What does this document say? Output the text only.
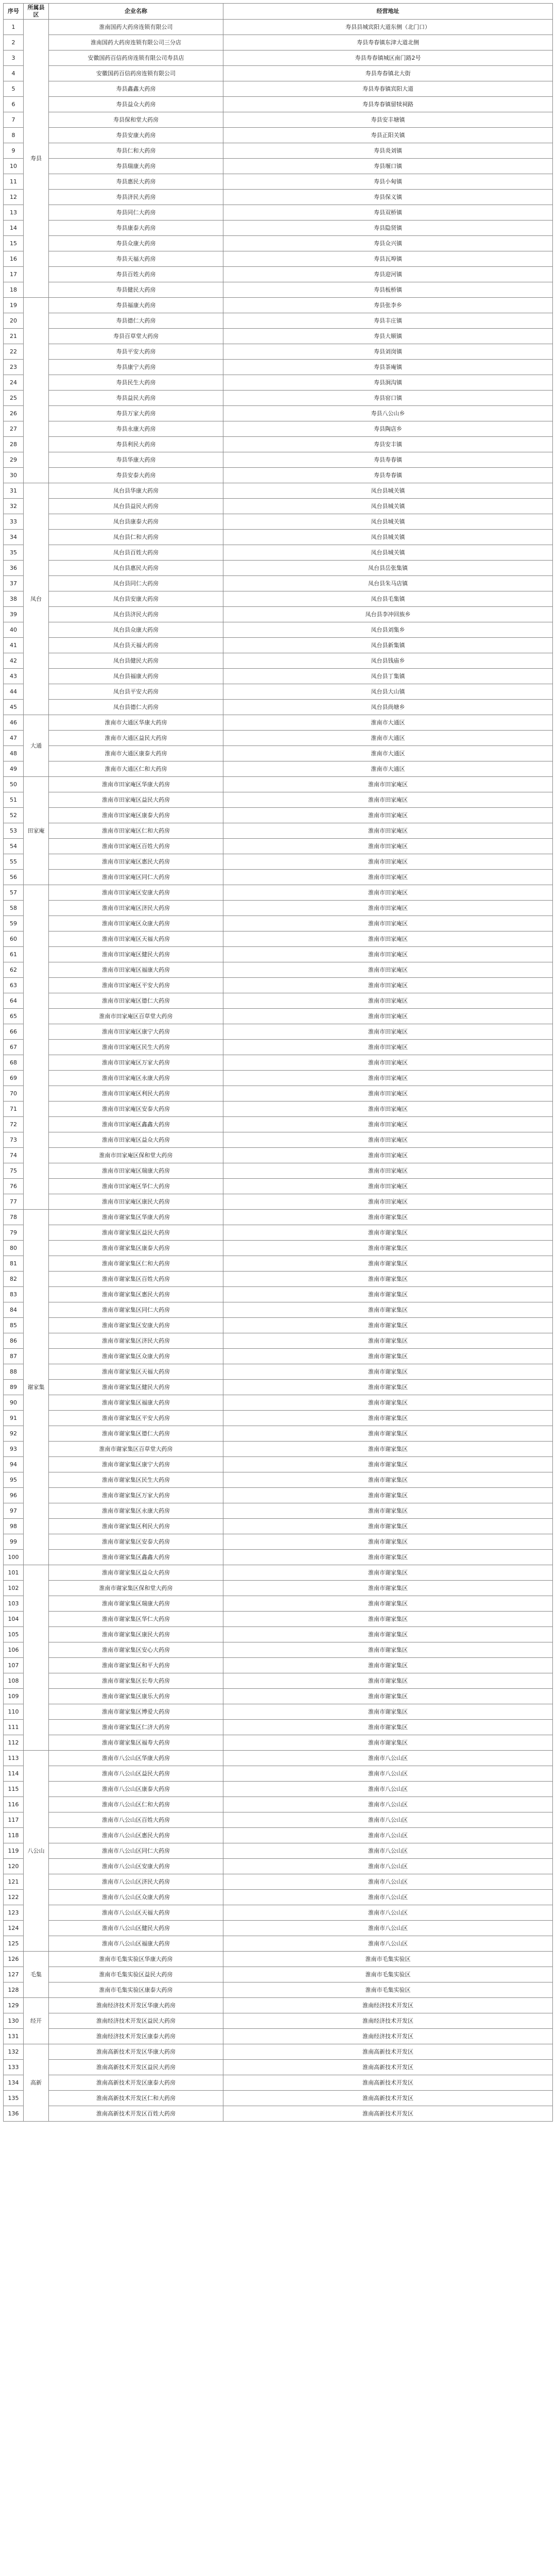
序号	所属县区	企业名称	经营地址
1	寿县	淮南国药大药房连锁有限公司	寿县县城宾阳大道东侧（北门口）
2		淮南国药大药房连锁有限公司三分店	寿县寿春镇东津大道北侧
3		安徽国药百信药房连锁有限公司寿县店	寿县寿春镇城区南门路2号
4		安徽国药百信药房连锁有限公司	寿县寿春镇北大街
5		寿县鑫鑫大药房	寿县寿春镇宾阳大道
6		寿县益众大药房	寿县寿春镇留犊祠路
7		寿县保和堂大药房	寿县安丰塘镇
8		寿县安康大药房	寿县正阳关镇
9		寿县仁和大药房	寿县炎刘镇
10		寿县瑞康大药房	寿县堰口镇
11		寿县惠民大药房	寿县小甸镇
12		寿县济民大药房	寿县保义镇
13		寿县同仁大药房	寿县双桥镇
14		寿县康泰大药房	寿县隐贤镇
15		寿县众康大药房	寿县众兴镇
16		寿县天福大药房	寿县瓦埠镇
17		寿县百姓大药房	寿县迎河镇
18		寿县健民大药房	寿县板桥镇
19		寿县福康大药房	寿县张李乡
20		寿县德仁大药房	寿县丰庄镇
21		寿县百草堂大药房	寿县大顺镇
22		寿县平安大药房	寿县刘岗镇
23		寿县康宁大药房	寿县茶庵镇
24		寿县民生大药房	寿县涧沟镇
25		寿县益民大药房	寿县窑口镇
26		寿县万家大药房	寿县八公山乡
27		寿县永康大药房	寿县陶店乡
28		寿县利民大药房	寿县安丰镇
29		寿县华康大药房	寿县寿春镇
30		寿县安泰大药房	寿县寿春镇
31	凤台	凤台县华康大药房	凤台县城关镇
32		凤台县益民大药房	凤台县城关镇
33		凤台县康泰大药房	凤台县城关镇
34		凤台县仁和大药房	凤台县城关镇
35		凤台县百姓大药房	凤台县城关镇
36		凤台县惠民大药房	凤台县岳张集镇
37		凤台县同仁大药房	凤台县朱马店镇
38		凤台县安康大药房	凤台县毛集镇
39		凤台县济民大药房	凤台县李冲回族乡
40		凤台县众康大药房	凤台县刘集乡
41		凤台县天福大药房	凤台县新集镇
42		凤台县健民大药房	凤台县钱庙乡
43		凤台县福康大药房	凤台县丁集镇
44		凤台县平安大药房	凤台县大山镇
45		凤台县德仁大药房	凤台县尚塘乡
46	大通	淮南市大通区华康大药房	淮南市大通区
47		淮南市大通区益民大药房	淮南市大通区
48		淮南市大通区康泰大药房	淮南市大通区
49		淮南市大通区仁和大药房	淮南市大通区
50	田家庵	淮南市田家庵区华康大药房	淮南市田家庵区
51		淮南市田家庵区益民大药房	淮南市田家庵区
52		淮南市田家庵区康泰大药房	淮南市田家庵区
53		淮南市田家庵区仁和大药房	淮南市田家庵区
54		淮南市田家庵区百姓大药房	淮南市田家庵区
55		淮南市田家庵区惠民大药房	淮南市田家庵区
56		淮南市田家庵区同仁大药房	淮南市田家庵区
57		淮南市田家庵区安康大药房	淮南市田家庵区
58		淮南市田家庵区济民大药房	淮南市田家庵区
59		淮南市田家庵区众康大药房	淮南市田家庵区
60		淮南市田家庵区天福大药房	淮南市田家庵区
61		淮南市田家庵区健民大药房	淮南市田家庵区
62		淮南市田家庵区福康大药房	淮南市田家庵区
63		淮南市田家庵区平安大药房	淮南市田家庵区
64		淮南市田家庵区德仁大药房	淮南市田家庵区
65		淮南市田家庵区百草堂大药房	淮南市田家庵区
66		淮南市田家庵区康宁大药房	淮南市田家庵区
67		淮南市田家庵区民生大药房	淮南市田家庵区
68		淮南市田家庵区万家大药房	淮南市田家庵区
69		淮南市田家庵区永康大药房	淮南市田家庵区
70		淮南市田家庵区利民大药房	淮南市田家庵区
71		淮南市田家庵区安泰大药房	淮南市田家庵区
72		淮南市田家庵区鑫鑫大药房	淮南市田家庵区
73		淮南市田家庵区益众大药房	淮南市田家庵区
74		淮南市田家庵区保和堂大药房	淮南市田家庵区
75		淮南市田家庵区瑞康大药房	淮南市田家庵区
76		淮南市田家庵区华仁大药房	淮南市田家庵区
77		淮南市田家庵区康民大药房	淮南市田家庵区
78	谢家集	淮南市谢家集区华康大药房	淮南市谢家集区
79		淮南市谢家集区益民大药房	淮南市谢家集区
80		淮南市谢家集区康泰大药房	淮南市谢家集区
81		淮南市谢家集区仁和大药房	淮南市谢家集区
82		淮南市谢家集区百姓大药房	淮南市谢家集区
83		淮南市谢家集区惠民大药房	淮南市谢家集区
84		淮南市谢家集区同仁大药房	淮南市谢家集区
85		淮南市谢家集区安康大药房	淮南市谢家集区
86		淮南市谢家集区济民大药房	淮南市谢家集区
87		淮南市谢家集区众康大药房	淮南市谢家集区
88		淮南市谢家集区天福大药房	淮南市谢家集区
89		淮南市谢家集区健民大药房	淮南市谢家集区
90		淮南市谢家集区福康大药房	淮南市谢家集区
91		淮南市谢家集区平安大药房	淮南市谢家集区
92		淮南市谢家集区德仁大药房	淮南市谢家集区
93		淮南市谢家集区百草堂大药房	淮南市谢家集区
94		淮南市谢家集区康宁大药房	淮南市谢家集区
95		淮南市谢家集区民生大药房	淮南市谢家集区
96		淮南市谢家集区万家大药房	淮南市谢家集区
97		淮南市谢家集区永康大药房	淮南市谢家集区
98		淮南市谢家集区利民大药房	淮南市谢家集区
99		淮南市谢家集区安泰大药房	淮南市谢家集区
100		淮南市谢家集区鑫鑫大药房	淮南市谢家集区
101		淮南市谢家集区益众大药房	淮南市谢家集区
102		淮南市谢家集区保和堂大药房	淮南市谢家集区
103		淮南市谢家集区瑞康大药房	淮南市谢家集区
104		淮南市谢家集区华仁大药房	淮南市谢家集区
105		淮南市谢家集区康民大药房	淮南市谢家集区
106		淮南市谢家集区安心大药房	淮南市谢家集区
107		淮南市谢家集区和平大药房	淮南市谢家集区
108		淮南市谢家集区长寿大药房	淮南市谢家集区
109		淮南市谢家集区康乐大药房	淮南市谢家集区
110		淮南市谢家集区博爱大药房	淮南市谢家集区
111		淮南市谢家集区仁济大药房	淮南市谢家集区
112		淮南市谢家集区福寿大药房	淮南市谢家集区
113	八公山	淮南市八公山区华康大药房	淮南市八公山区
114		淮南市八公山区益民大药房	淮南市八公山区
115		淮南市八公山区康泰大药房	淮南市八公山区
116		淮南市八公山区仁和大药房	淮南市八公山区
117		淮南市八公山区百姓大药房	淮南市八公山区
118		淮南市八公山区惠民大药房	淮南市八公山区
119		淮南市八公山区同仁大药房	淮南市八公山区
120		淮南市八公山区安康大药房	淮南市八公山区
121		淮南市八公山区济民大药房	淮南市八公山区
122		淮南市八公山区众康大药房	淮南市八公山区
123		淮南市八公山区天福大药房	淮南市八公山区
124		淮南市八公山区健民大药房	淮南市八公山区
125		淮南市八公山区福康大药房	淮南市八公山区
126	毛集	淮南市毛集实验区华康大药房	淮南市毛集实验区
127		淮南市毛集实验区益民大药房	淮南市毛集实验区
128		淮南市毛集实验区康泰大药房	淮南市毛集实验区
129	经开	淮南经济技术开发区华康大药房	淮南经济技术开发区
130		淮南经济技术开发区益民大药房	淮南经济技术开发区
131		淮南经济技术开发区康泰大药房	淮南经济技术开发区
132	高新	淮南高新技术开发区华康大药房	淮南高新技术开发区
133		淮南高新技术开发区益民大药房	淮南高新技术开发区
134		淮南高新技术开发区康泰大药房	淮南高新技术开发区
135		淮南高新技术开发区仁和大药房	淮南高新技术开发区
136		淮南高新技术开发区百姓大药房	淮南高新技术开发区
